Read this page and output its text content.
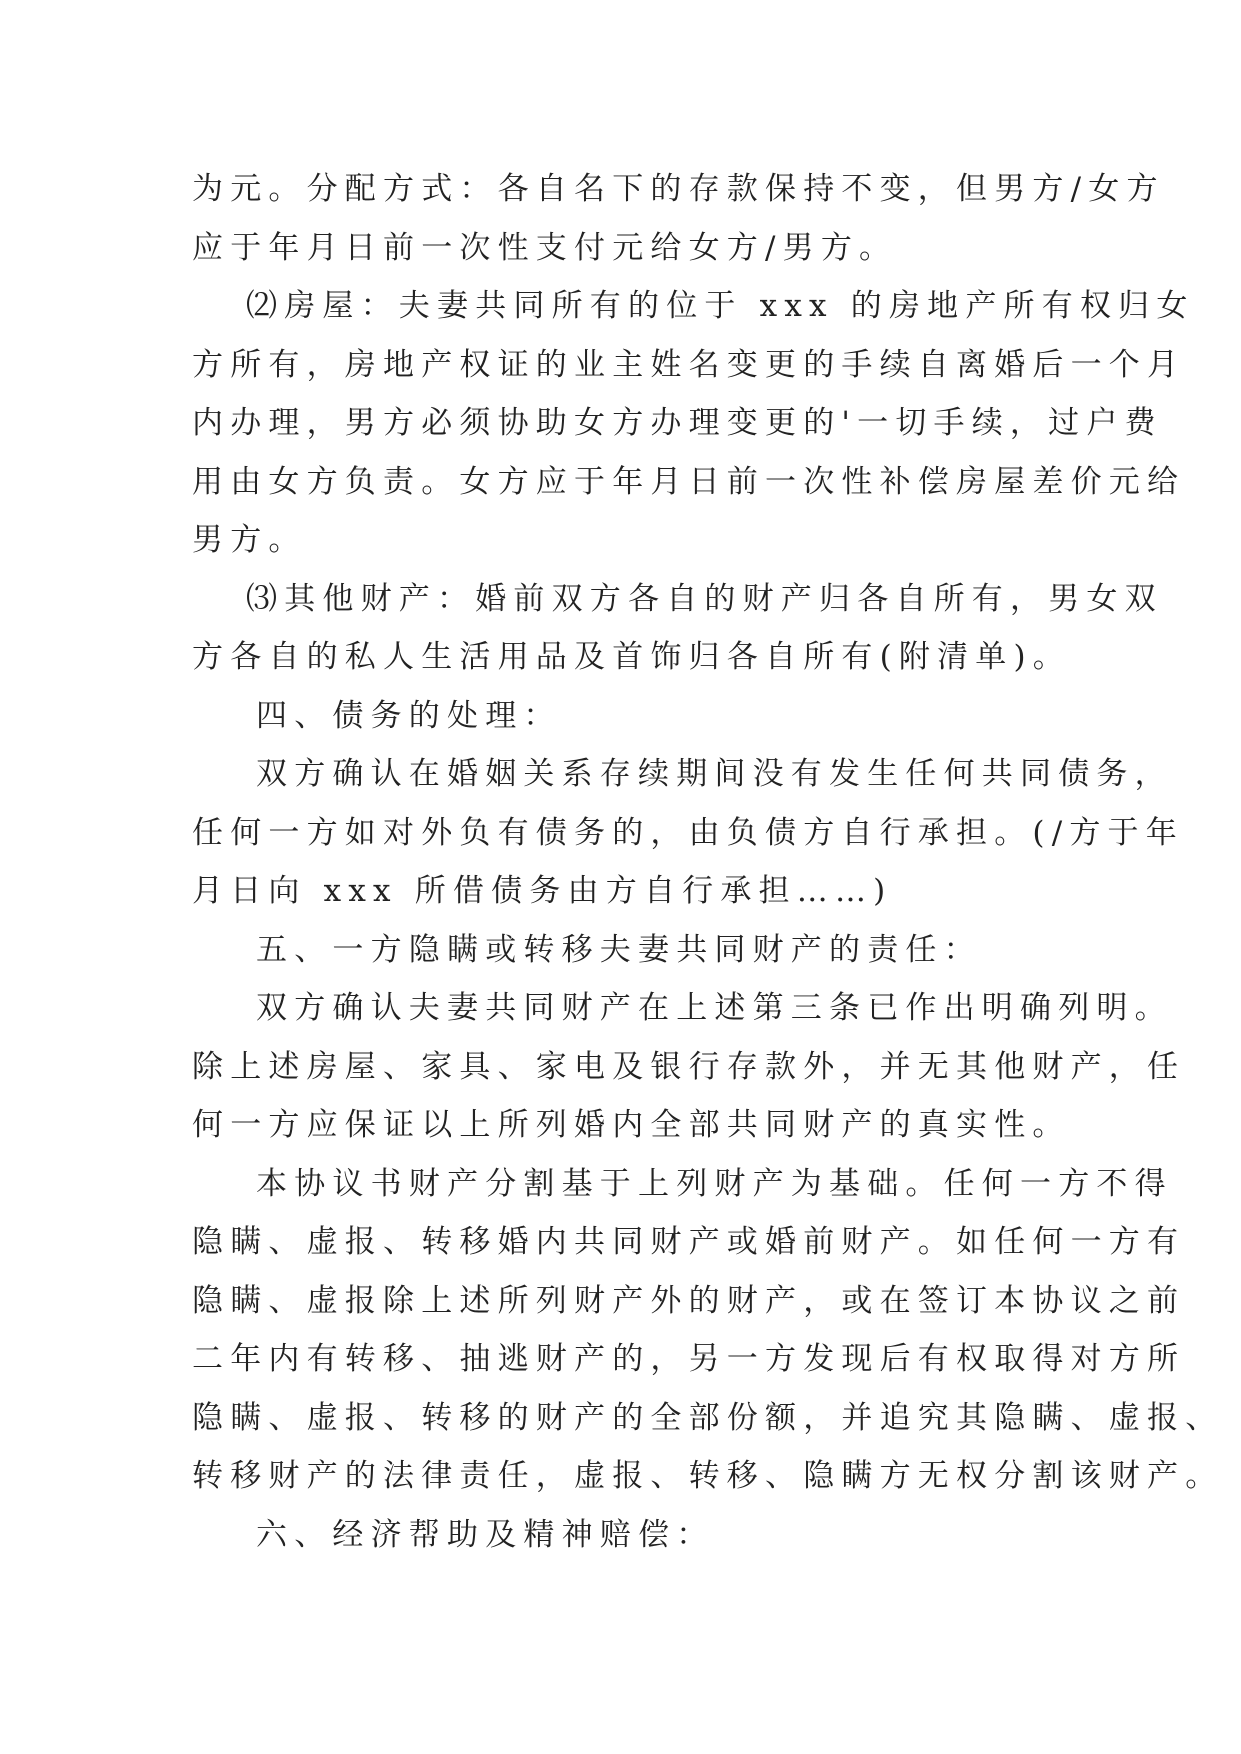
为元。分配方式：各自名下的存款保持不变，但男方/女方
应于年月日前一次性支付元给女方/男方。
⑵房屋：夫妻共同所有的位于 xxx 的房地产所有权归女
方所有，房地产权证的业主姓名变更的手续自离婚后一个月
内办理，男方必须协助女方办理变更的'一切手续，过户费
用由女方负责。女方应于年月日前一次性补偿房屋差价元给
男方。
⑶其他财产：婚前双方各自的财产归各自所有，男女双
方各自的私人生活用品及首饰归各自所有(附清单)。
四、债务的处理：
双方确认在婚姻关系存续期间没有发生任何共同债务，
任何一方如对外负有债务的，由负债方自行承担。(/方于年
月日向 xxx 所借债务由方自行承担……)
五、一方隐瞒或转移夫妻共同财产的责任：
双方确认夫妻共同财产在上述第三条已作出明确列明。
除上述房屋、家具、家电及银行存款外，并无其他财产，任
何一方应保证以上所列婚内全部共同财产的真实性。
本协议书财产分割基于上列财产为基础。任何一方不得
隐瞒、虚报、转移婚内共同财产或婚前财产。如任何一方有
隐瞒、虚报除上述所列财产外的财产，或在签订本协议之前
二年内有转移、抽逃财产的，另一方发现后有权取得对方所
隐瞒、虚报、转移的财产的全部份额，并追究其隐瞒、虚报、
转移财产的法律责任，虚报、转移、隐瞒方无权分割该财产。
六、经济帮助及精神赔偿：
